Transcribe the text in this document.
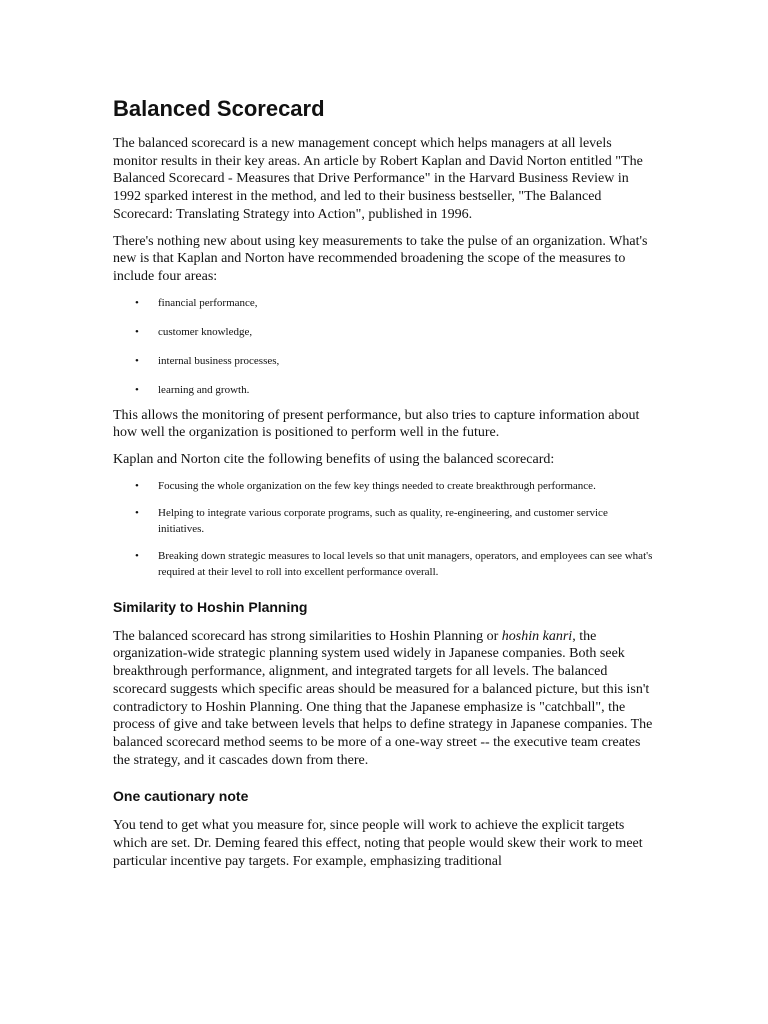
Balanced Scorecard

The balanced scorecard is a new management concept which helps managers at all levels monitor results in their key areas. An article by Robert Kaplan and David Norton entitled "The Balanced Scorecard - Measures that Drive Performance" in the Harvard Business Review in 1992 sparked interest in the method, and led to their business bestseller, "The Balanced Scorecard: Translating Strategy into Action", published in 1996.

There's nothing new about using key measurements to take the pulse of an organization. What's new is that Kaplan and Norton have recommended broadening the scope of the measures to include four areas:

• financial performance,
• customer knowledge,
• internal business processes,
• learning and growth.

This allows the monitoring of present performance, but also tries to capture information about how well the organization is positioned to perform well in the future.

Kaplan and Norton cite the following benefits of using the balanced scorecard:

• Focusing the whole organization on the few key things needed to create breakthrough performance.
• Helping to integrate various corporate programs, such as quality, re-engineering, and customer service initiatives.
• Breaking down strategic measures to local levels so that unit managers, operators, and employees can see what's required at their level to roll into excellent performance overall.
Similarity to Hoshin Planning

The balanced scorecard has strong similarities to Hoshin Planning or hoshin kanri, the organization-wide strategic planning system used widely in Japanese companies. Both seek breakthrough performance, alignment, and integrated targets for all levels. The balanced scorecard suggests which specific areas should be measured for a balanced picture, but this isn't contradictory to Hoshin Planning. One thing that the Japanese emphasize is "catchball", the process of give and take between levels that helps to define strategy in Japanese companies. The balanced scorecard method seems to be more of a one-way street -- the executive team creates the strategy, and it cascades down from there.

One cautionary note

You tend to get what you measure for, since people will work to achieve the explicit targets which are set. Dr. Deming feared this effect, noting that people would skew their work to meet particular incentive pay targets. For example, emphasizing traditional
